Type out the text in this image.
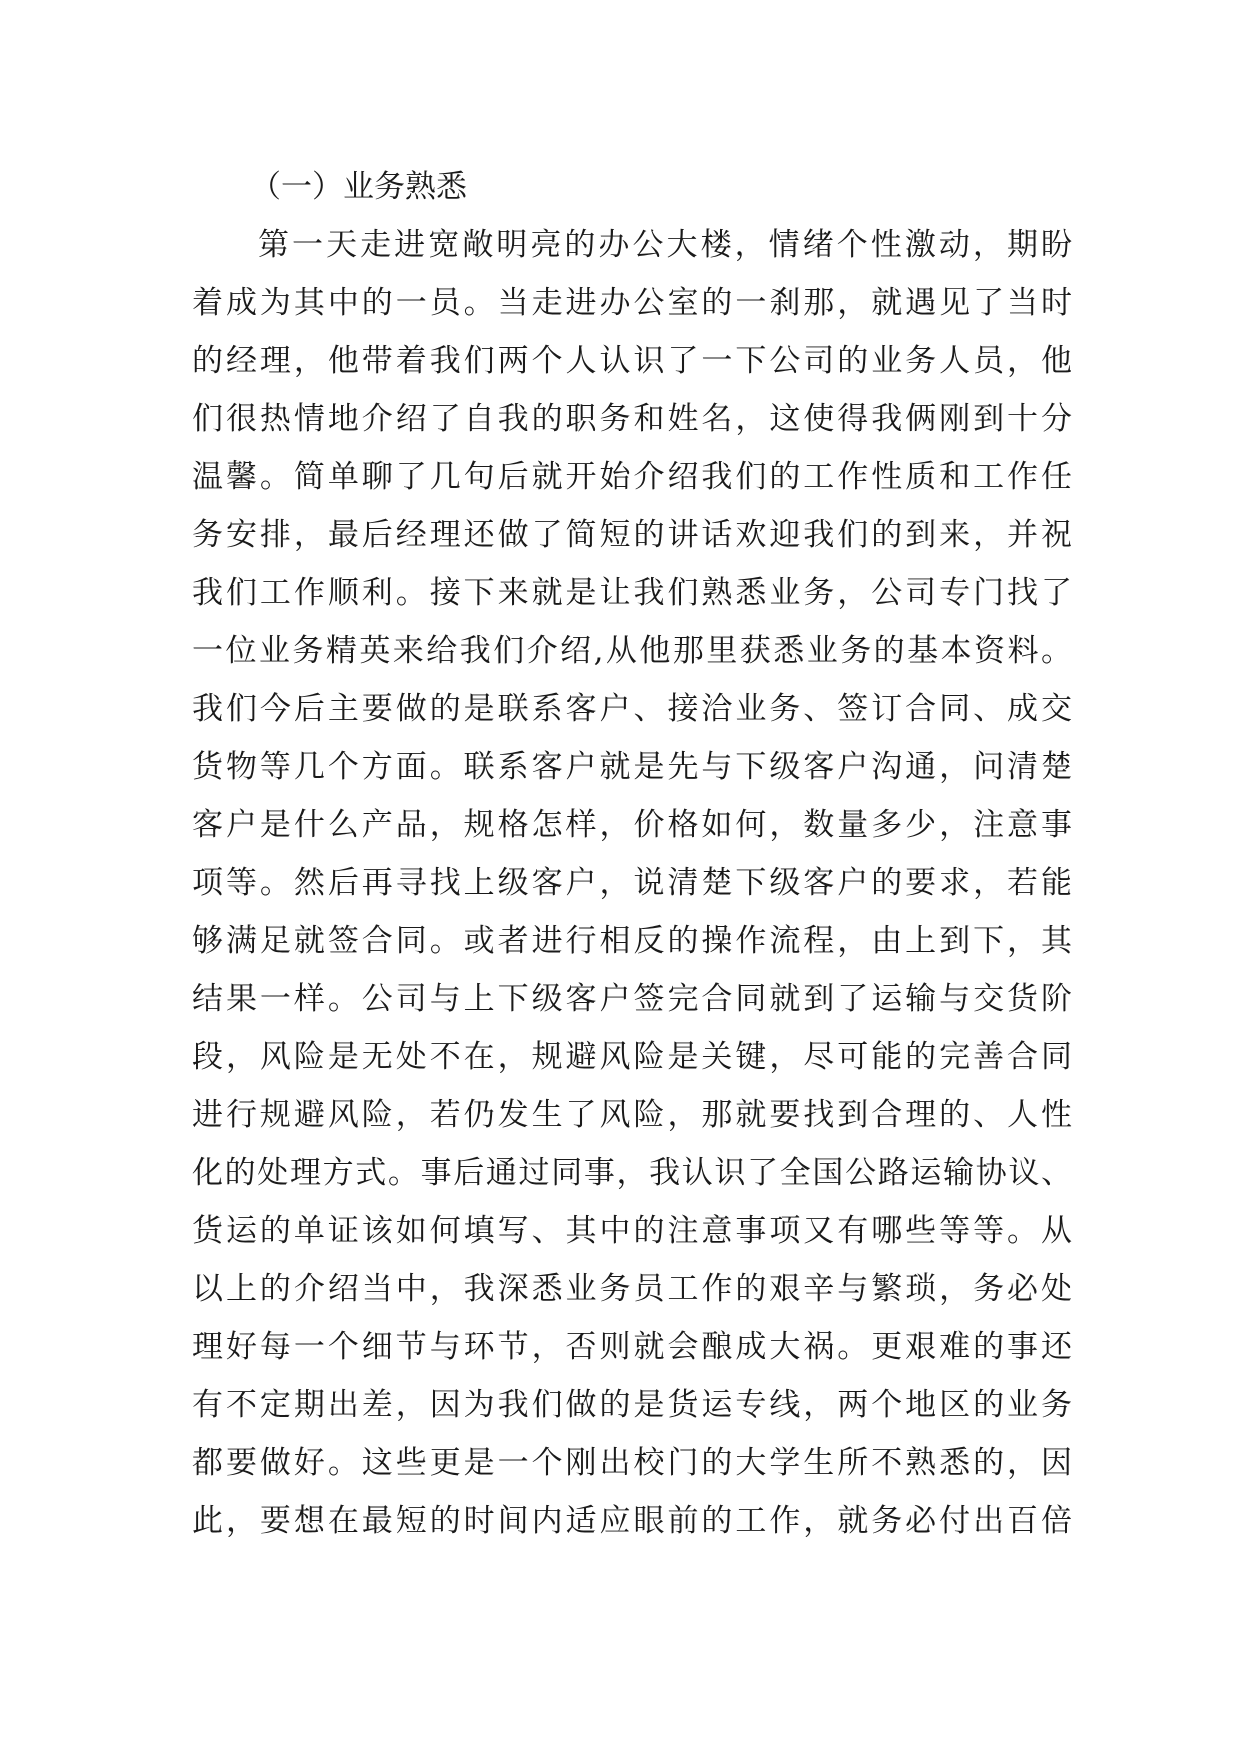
（一）业务熟悉
第一天走进宽敞明亮的办公大楼，情绪个性激动，期盼
着成为其中的一员。当走进办公室的一刹那，就遇见了当时
的经理，他带着我们两个人认识了一下公司的业务人员，他
们很热情地介绍了自我的职务和姓名，这使得我俩刚到十分
温馨。简单聊了几句后就开始介绍我们的工作性质和工作任
务安排，最后经理还做了简短的讲话欢迎我们的到来，并祝
我们工作顺利。接下来就是让我们熟悉业务，公司专门找了
一位业务精英来给我们介绍,从他那里获悉业务的基本资料。
我们今后主要做的是联系客户、接洽业务、签订合同、成交
货物等几个方面。联系客户就是先与下级客户沟通，问清楚
客户是什么产品，规格怎样，价格如何，数量多少，注意事
项等。然后再寻找上级客户，说清楚下级客户的要求，若能
够满足就签合同。或者进行相反的操作流程，由上到下，其
结果一样。公司与上下级客户签完合同就到了运输与交货阶
段，风险是无处不在，规避风险是关键，尽可能的完善合同
进行规避风险，若仍发生了风险，那就要找到合理的、人性
化的处理方式。事后通过同事，我认识了全国公路运输协议、
货运的单证该如何填写、其中的注意事项又有哪些等等。从
以上的介绍当中，我深悉业务员工作的艰辛与繁琐，务必处
理好每一个细节与环节，否则就会酿成大祸。更艰难的事还
有不定期出差，因为我们做的是货运专线，两个地区的业务
都要做好。这些更是一个刚出校门的大学生所不熟悉的，因
此，要想在最短的时间内适应眼前的工作，就务必付出百倍
